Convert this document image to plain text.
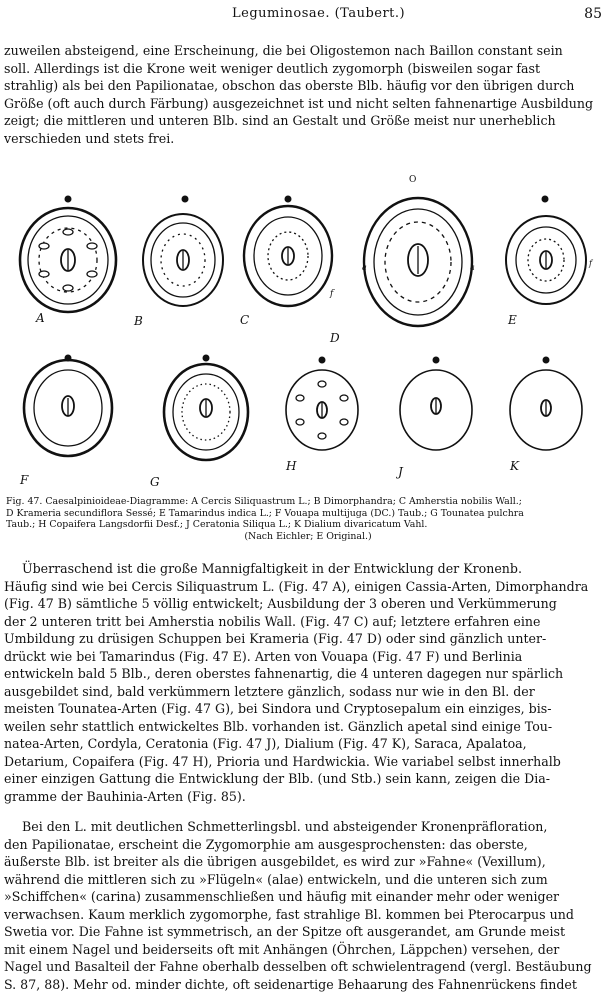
Leguminosae. (Taubert.)	85
zuweilen absteigend, eine Erscheinung, die bei Oligostemon nach Baillon constant sein
soll. Allerdings ist die Krone weit weniger deutlich zygomorph (bisweilen sogar fast
strahlig) als bei den Papilionatae, obschon das oberste Blb. häufig vor den übrigen durch
Größe (oft auch durch Färbung) ausgezeichnet ist und nicht selten fahnenartige Ausbildung
zeigt; die mittleren und unteren Blb. sind an Gestalt und Größe meist nur unerheblich
verschieden und stets frei.
A	B	C
f
O
a	a
D
f
E
F	G
H	J	K
Fig. 47. Caesalpinioideae-Diagramme: A Cercis Siliquastrum L.; B Dimorphandra; C Amherstia nobilis Wall.;
D Krameria secundiflora Sessé; E Tamarindus indica L.; F Vouapa multijuga (DC.) Taub.; G Tounatea pulchra
Taub.; H Copaifera Langsdorfii Desf.; J Ceratonia Siliqua L.; K Dialium divaricatum Vahl.
(Nach Eichler; E Original.)
Überraschend ist die große Mannigfaltigkeit in der Entwicklung der Kronenb.
Häufig sind wie bei Cercis Siliquastrum L. (Fig. 47 A), einigen Cassia-Arten, Dimorphandra
(Fig. 47 B) sämtliche 5 völlig entwickelt; Ausbildung der 3 oberen und Verkümmerung
der 2 unteren tritt bei Amherstia nobilis Wall. (Fig. 47 C) auf; letztere erfahren eine
Umbildung zu drüsigen Schuppen bei Krameria (Fig. 47 D) oder sind gänzlich unter-
drückt wie bei Tamarindus (Fig. 47 E). Arten von Vouapa (Fig. 47 F) und Berlinia
entwickeln bald 5 Blb., deren oberstes fahnenartig, die 4 unteren dagegen nur spärlich
ausgebildet sind, bald verkümmern letztere gänzlich, sodass nur wie in den Bl. der
meisten Tounatea-Arten (Fig. 47 G), bei Sindora und Cryptosepalum ein einziges, bis-
weilen sehr stattlich entwickeltes Blb. vorhanden ist. Gänzlich apetal sind einige Tou-
natea-Arten, Cordyla, Ceratonia (Fig. 47 J), Dialium (Fig. 47 K), Saraca, Apalatoa,
Detarium, Copaifera (Fig. 47 H), Prioria und Hardwickia. Wie variabel selbst innerhalb
einer einzigen Gattung die Entwicklung der Blb. (und Stb.) sein kann, zeigen die Dia-
gramme der Bauhinia-Arten (Fig. 85).
Bei den L. mit deutlichen Schmetterlingsbl. und absteigender Kronenpräfloration,
den Papilionatae, erscheint die Zygomorphie am ausgesprochensten: das oberste,
äußerste Blb. ist breiter als die übrigen ausgebildet, es wird zur »Fahne« (Vexillum),
während die mittleren sich zu »Flügeln« (alae) entwickeln, und die unteren sich zum
»Schiffchen« (carina) zusammenschließen und häufig mit einander mehr oder weniger
verwachsen. Kaum merklich zygomorphe, fast strahlige Bl. kommen bei Pterocarpus und
Swetia vor. Die Fahne ist symmetrisch, an der Spitze oft ausgerandet, am Grunde meist
mit einem Nagel und beiderseits oft mit Anhängen (Öhrchen, Läppchen) versehen, der
Nagel und Basalteil der Fahne oberhalb desselben oft schwielentragend (vergl. Bestäubung
S. 87, 88). Mehr od. minder dichte, oft seidenartige Behaarung des Fahnenrückens findet
